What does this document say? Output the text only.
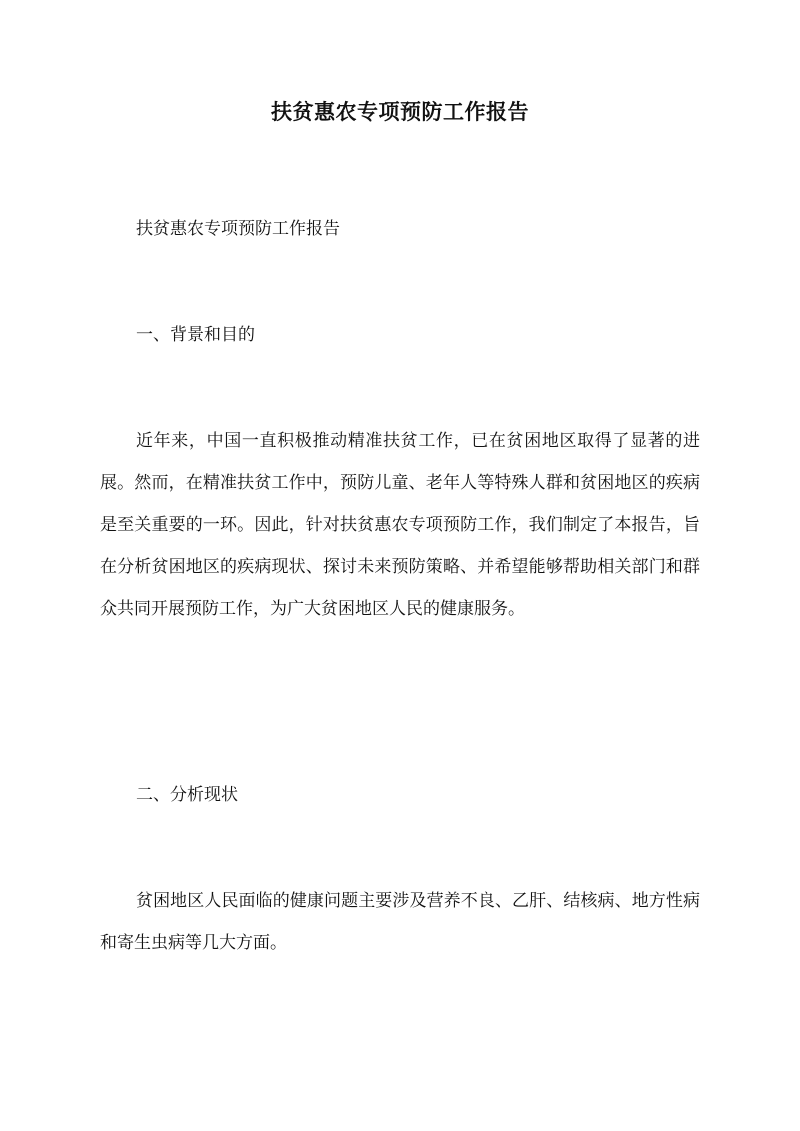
扶贫惠农专项预防工作报告

扶贫惠农专项预防工作报告

一、背景和目的

近年来，中国一直积极推动精准扶贫工作，已在贫困地区取得了显著的进展。然而，在精准扶贫工作中，预防儿童、老年人等特殊人群和贫困地区的疾病是至关重要的一环。因此，针对扶贫惠农专项预防工作，我们制定了本报告，旨在分析贫困地区的疾病现状、探讨未来预防策略、并希望能够帮助相关部门和群众共同开展预防工作，为广大贫困地区人民的健康服务。

二、分析现状

贫困地区人民面临的健康问题主要涉及营养不良、乙肝、结核病、地方性病和寄生虫病等几大方面。
